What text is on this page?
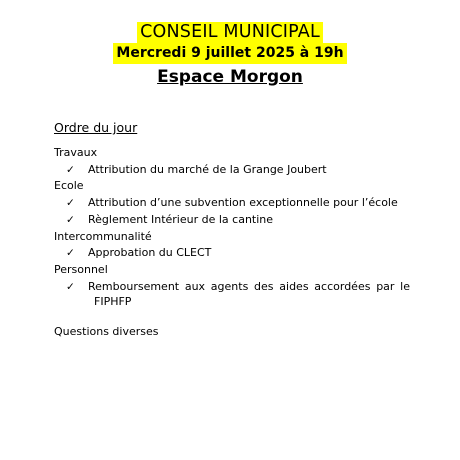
CONSEIL MUNICIPAL
Mercredi 9 juillet 2025 à 19h
Espace Morgon
Ordre du jour
Travaux
✓	Attribution du marché de la Grange Joubert
Ecole
✓	Attribution d’une subvention exceptionnelle pour l’école
✓	Règlement Intérieur de la cantine
Intercommunalité
✓	Approbation du CLECT
Personnel
✓	Remboursement aux agents des aides accordées par le
FIPHFP
Questions diverses
